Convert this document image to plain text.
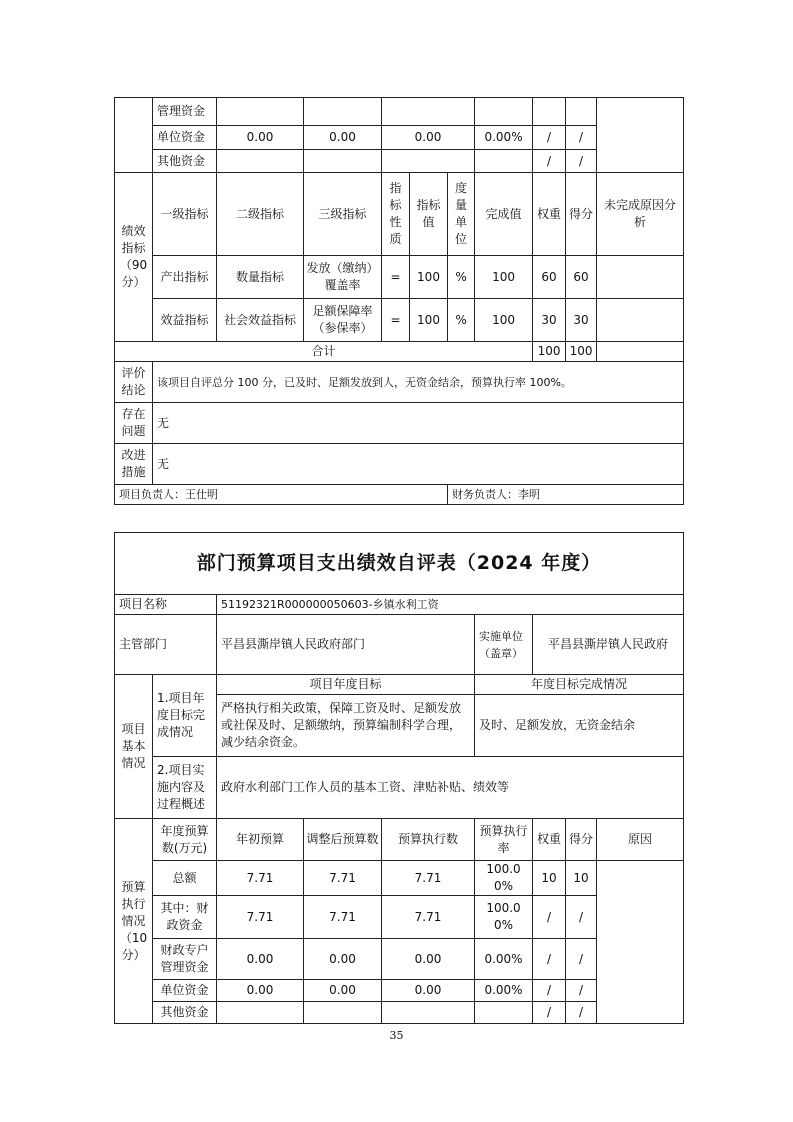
	管理资金									
	单位资金	0.00	0.00	0.00			0.00%	/	/	
	其他资金							/	/	
绩效指标（90分）	一级指标	二级指标	三级指标	指标性质	指标值	度量单位	完成值	权重	得分	未完成原因分析
	产出指标	数量指标	发放（缴纳）覆盖率	=	100	%	100	60	60	
	效益指标	社会效益指标	足额保障率（参保率）	=	100	%	100	30	30	
合计								100	100	
评价结论	该项目自评总分 100 分，已及时、足额发放到人，无资金结余，预算执行率 100%。									
存在问题	无									
改进措施	无									
项目负责人：王仕明						财务负责人：李明				
部门预算项目支出绩效自评表（2024 年度）								
项目名称		51192321R000000050603-乡镇水利工资						
主管部门		平昌县澌岸镇人民政府部门			实施单位（盖章）	平昌县澌岸镇人民政府		
项目基本情况	1.项目年度目标完成情况	项目年度目标			年度目标完成情况			
		严格执行相关政策，保障工资及时、足额发放或社保及时、足额缴纳，预算编制科学合理，减少结余资金。			及时、足额发放，无资金结余			
	2.项目实施内容及过程概述	政府水利部门工作人员的基本工资、津贴补贴、绩效等						
预算执行情况（10分）	年度预算数(万元)	年初预算	调整后预算数	预算执行数	预算执行率	权重	得分	原因
	总额	7.71	7.71	7.71	100.00%	10	10	
	其中：财政资金	7.71	7.71	7.71	100.00%	/	/	
	财政专户管理资金	0.00	0.00	0.00	0.00%	/	/	
	单位资金	0.00	0.00	0.00	0.00%	/	/	
	其他资金					/	/	
35
